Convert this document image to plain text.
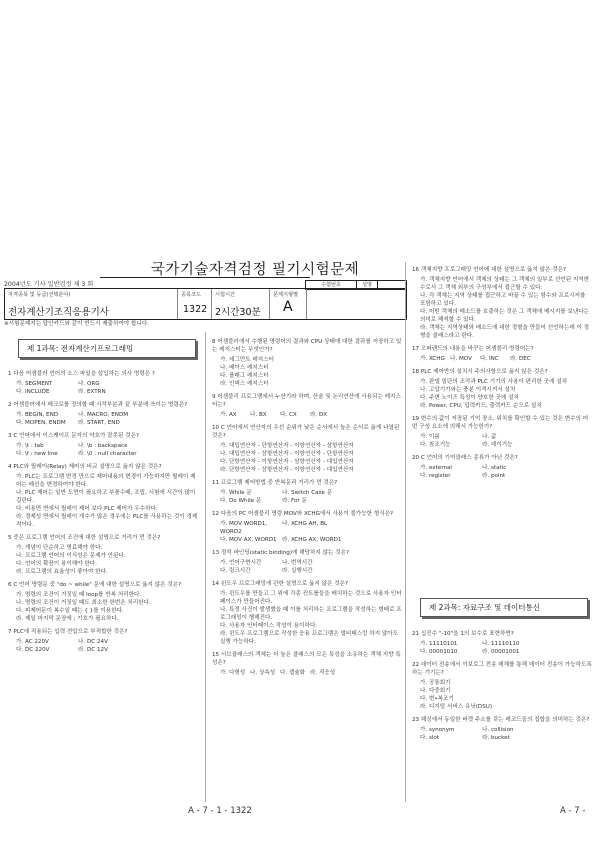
국가기술자격검정 필기시험문제
2004년도 기사 일반검정 제 3 회	수험번호	성명
자격종목 및 등급(선택분야)
전자계산기조직응용기사
종목코드
1322
시험시간
2시간30분
문제지형별
A
※시험문제지는 답안카드와 같이 반드시 제출하여야 합니다.
제 1과목: 전자계산기프로그래밍
1 다음 어셈블러 언어의 소스 파일을 삽입하는 의사 명령은 ?
가. SEGMENT	나. ORG
다. INCLUDE	라. EXTRN
2 어셈블러에서 매크로를 정의할 때 시작부분과 끝 부분에 쓰이는 명령은?
가. BEGIN, END	나. MACRO, ENDM
다. MOPEN, ENDM	라. START, END
3 C 언어에서 이스케이프 문자의 약호가 잘못된 것은?
가. \t : tab	나. \b : backspace
다. \f : new line	라. \0 : null character
4 PLC와 릴레이(Relay) 제어의 비교 설명으로 옳지 않은 것은?
가. PLC는 프로그램 변경 만으로 제어내용의 변경이 가능하지만 릴레이 제어는 배선을 변경하여야 한다.
나. PLC 제어는 일반 도면이 필요하고 부품수배, 조립, 시험에 시간이 많이 걸린다.
다. 비용면 면에서 릴레이 제어 보다 PLC 제어가 우수하다.
라. 경제성 면에서 릴레이 개수가 많은 경우에는 PLC를 사용하는 것이 경제적이다.
5 중은 프로그램 언어의 조건에 대한 설명으로 거리가 먼 것은?
가. 개념이 단순하고 명료해야 한다.
나. 프로그램 언어의 이식성은 문제가 안된다.
다. 언어의 확장이 용이해야 한다.
라. 프로그램의 효율성이 좋아야 한다.
6 C 언어 명령문 중 "do ~ while" 문에 대한 설명으로 옳지 않은 것은?
가. 명령의 조건이 거짓일 때 loop를 반복 처리한다.
나. 명령의 조건이 거짓일 때도 최소한 한번은 처리한다.
다. 피제어문이 복수일 때는 { }를 이용한다.
라. 제일 마지막 문장에 ; 기호가 필요하다.
7 PLC에 적용되는 입력 전압으로 부적합한 것은?
가. AC 220V	나. DC 24V
다. DC 220V	라. DC 12V
8 어셈블러에서 수행된 명령어의 결과와 CPU 상태에 대한 결과를 저장하고 있는 레지스터는 무엇인가?
가. 세그먼트 레지스터
나. 베이스 레지스터
다. 플래그 레지스터
라. 인덱스 레지스터
9 어셈블리 프로그램에서 누산기라 하며, 산술 및 논리연산에 사용되는 레지스터는?
가. AX	나. BX	다. CX	라. DX
10 C 언어에서 연산자의 우선 순위가 낮은 순서에서 높은 순서로 옳게 나열된 것은?
가. 대입연산자 - 단항연산자 - 이항연산자 - 삼항연산자
나. 대입연산자 - 삼항연산자 - 이항연산자 - 단항연산자
다. 단항연산자 - 이항연산자 - 삼항연산자 - 대입연산자
라. 단항연산자 - 삼항연산자 - 이항연산자 - 대입연산자
11 프로그램 제어방법 중 반복문과 거리가 먼 것은?
가. While 문	나. Switch Case 문
다. Do While 문	라. For 문
12 다음의 PC 어셈블리 명령 MOV와 XCHG에서 사용이 불가능한 형식은?
가. MOV WORD1, WORD2
나. XCHG AH, BL
다. MOV AX, WORD1 라. XCHG AX, WORD1
13 정적 바인딩(static binding)에 해당하지 않는 것은?
가. 언어구현시간	나. 번역시간
다. 링크시간	라. 실행시간
14 윈도우 프로그래밍에 관한 설명으로 옳지 않은 것은?
가. 윈도우를 만들고 그 위에 각종 컨트롤들을 배치하는 것으로 사용자 인터페이스가 만들어진다.
나. 특정 사건이 발생했을 때 이를 처리하는 프로그램을 작성하는 형태로 프로그래밍이 행해진다.
다. 사용자 인터페이스 작성이 용이하다.
라. 윈도우 프로그램으로 작성한 응용 프로그램은 멀티태스킹 하지 않아도 실행 가능하다.
15 서브클래스의 객체는 더 높은 클래스의 모든 특성을 소유하는 객체 지향 특성은?
가. 다형성 나. 상속성 다. 캡슐화 라. 적응성
16 객체지향 프로그래밍 언어에 대한 설명으로 옳지 않은 것은?
가. 객체지향 언어에서 객체의 상태는 그 객체의 일부로 선언된 지역변수로서 그 객체 외부의 구성부에서 접근할 수 있다.
나. 각 객체는 지역 상태를 접근하고 바꿀 수 있는 함수와 프로시저를 포함하고 있다.
다. 어떤 객체의 메소드를 호출하는 것은 그 객체에 메시지를 보낸다는 의미로 해석할 수 있다.
라. 객체는 지역상태와 메소드에 대한 정형을 만들어 선언하는데 이 정형을 클래스라고 한다.
17 오퍼랜드의 내용을 바꾸는 어셈블리 명령어는?
가. XCHG 나. MOV	다. INC	라. DEC
18 PLC 제어반의 설치시 주의사항으로 옳지 않은 것은?
가. 판넬 밑단의 조작과 PLC 기기의 사용이 편리한 곳에 설치
나. 고압기기와는 충분 이격시켜서 설치
다. 주변 노이즈 특성이 양호한 곳에 설치
라. Power, CPU, 입력카드, 출력카드 순으로 설치
19 변수의 값이 저장된 기억 장소, 위치를 확인할 수 있는 것은 변수의 어떤 구성 요소에 의해서 가능한가?
가. 이름	나. 값
다. 참조기능	라. 데이기능
20 C 언어의 기억클래스 종류가 아닌 것은?
가. external	나. static
다. register	라. point
제 2과목: 자료구조 및 데이터통신
21 십진수 "-10"을 1의 보수로 표현하면?
가. 11110101	나. 11110110
다. 00001010	라. 00001001
22 데이터 전송에서 이보로그 전송 매체를 통해 데이터 전송이 가능하도록 하는 기기는?
가. 공통회기
나. 다중회기
다. 변•복조기
라. 디지털 서비스 유닛(DSU)
23 해싱에서 동일한 버켓 주소를 갖는 레코드들의 집합을 의미하는 것은?
가. synonym	나. collision
다. slot	라. bucket
A - 7 - 1 - 1322	A - 7 -
